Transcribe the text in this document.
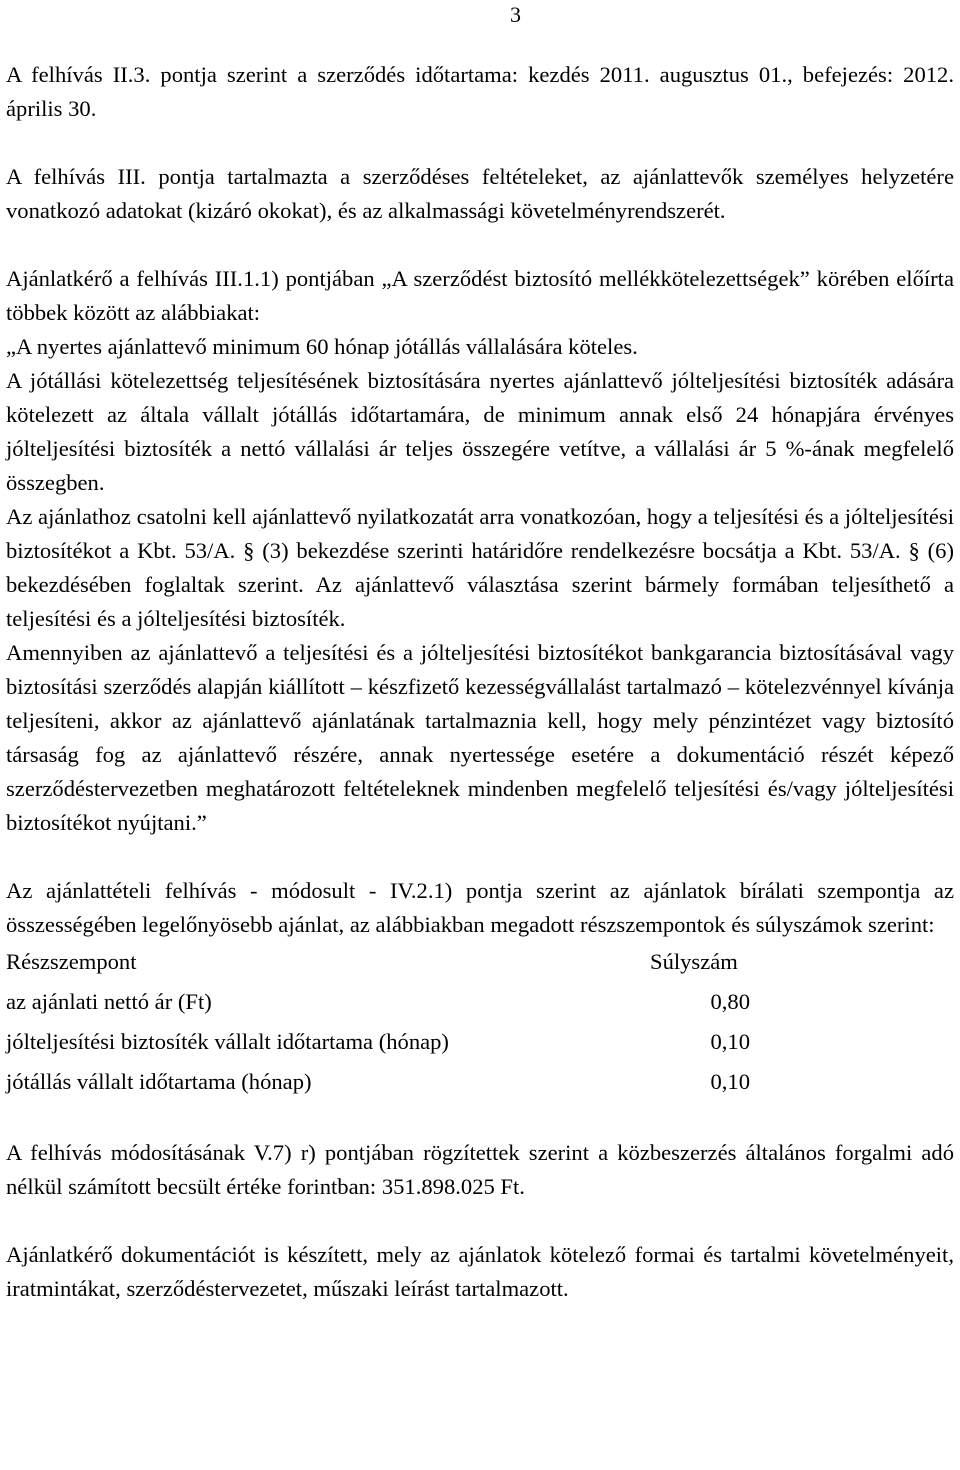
3

A felhívás II.3. pontja szerint a szerződés időtartama: kezdés 2011. augusztus 01., befejezés: 2012. április 30.

A felhívás III. pontja tartalmazta a szerződéses feltételeket, az ajánlattevők személyes helyzetére vonatkozó adatokat (kizáró okokat), és az alkalmassági követelményrendszerét.

Ajánlatkérő a felhívás III.1.1) pontjában „A szerződést biztosító mellékkötelezettségek” körében előírta többek között az alábbiakat:

„A nyertes ajánlattevő minimum 60 hónap jótállás vállalására köteles.

A jótállási kötelezettség teljesítésének biztosítására nyertes ajánlattevő jólteljesítési biztosíték adására kötelezett az általa vállalt jótállás időtartamára, de minimum annak első 24 hónapjára érvényes jólteljesítési biztosíték a nettó vállalási ár teljes összegére vetítve, a vállalási ár 5 %-ának megfelelő összegben.

Az ajánlathoz csatolni kell ajánlattevő nyilatkozatát arra vonatkozóan, hogy a teljesítési és a jólteljesítési biztosítékot a Kbt. 53/A. § (3) bekezdése szerinti határidőre rendelkezésre bocsátja a Kbt. 53/A. § (6) bekezdésében foglaltak szerint. Az ajánlattevő választása szerint bármely formában teljesíthető a teljesítési és a jólteljesítési biztosíték.

Amennyiben az ajánlattevő a teljesítési és a jólteljesítési biztosítékot bankgarancia biztosításával vagy biztosítási szerződés alapján kiállított – készfizető kezességvállalást tartalmazó – kötelezvénnyel kívánja teljesíteni, akkor az ajánlattevő ajánlatának tartalmaznia kell, hogy mely pénzintézet vagy biztosító társaság fog az ajánlattevő részére, annak nyertessége esetére a dokumentáció részét képező szerződéstervezetben meghatározott feltételeknek mindenben megfelelő teljesítési és/vagy jólteljesítési biztosítékot nyújtani.”

Az ajánlattételi felhívás - módosult - IV.2.1) pontja szerint az ajánlatok bírálati szempontja az összességében legelőnyösebb ajánlat, az alábbiakban megadott részszempontok és súlyszámok szerint:

Részszempont	Súlyszám
az ajánlati nettó ár (Ft)	0,80
jólteljesítési biztosíték vállalt időtartama (hónap)	0,10
jótállás vállalt időtartama (hónap)	0,10

A felhívás módosításának V.7) r) pontjában rögzítettek szerint a közbeszerzés általános forgalmi adó nélkül számított becsült értéke forintban: 351.898.025 Ft.

Ajánlatkérő dokumentációt is készített, mely az ajánlatok kötelező formai és tartalmi követelményeit, iratmintákat, szerződéstervezetet, műszaki leírást tartalmazott.
